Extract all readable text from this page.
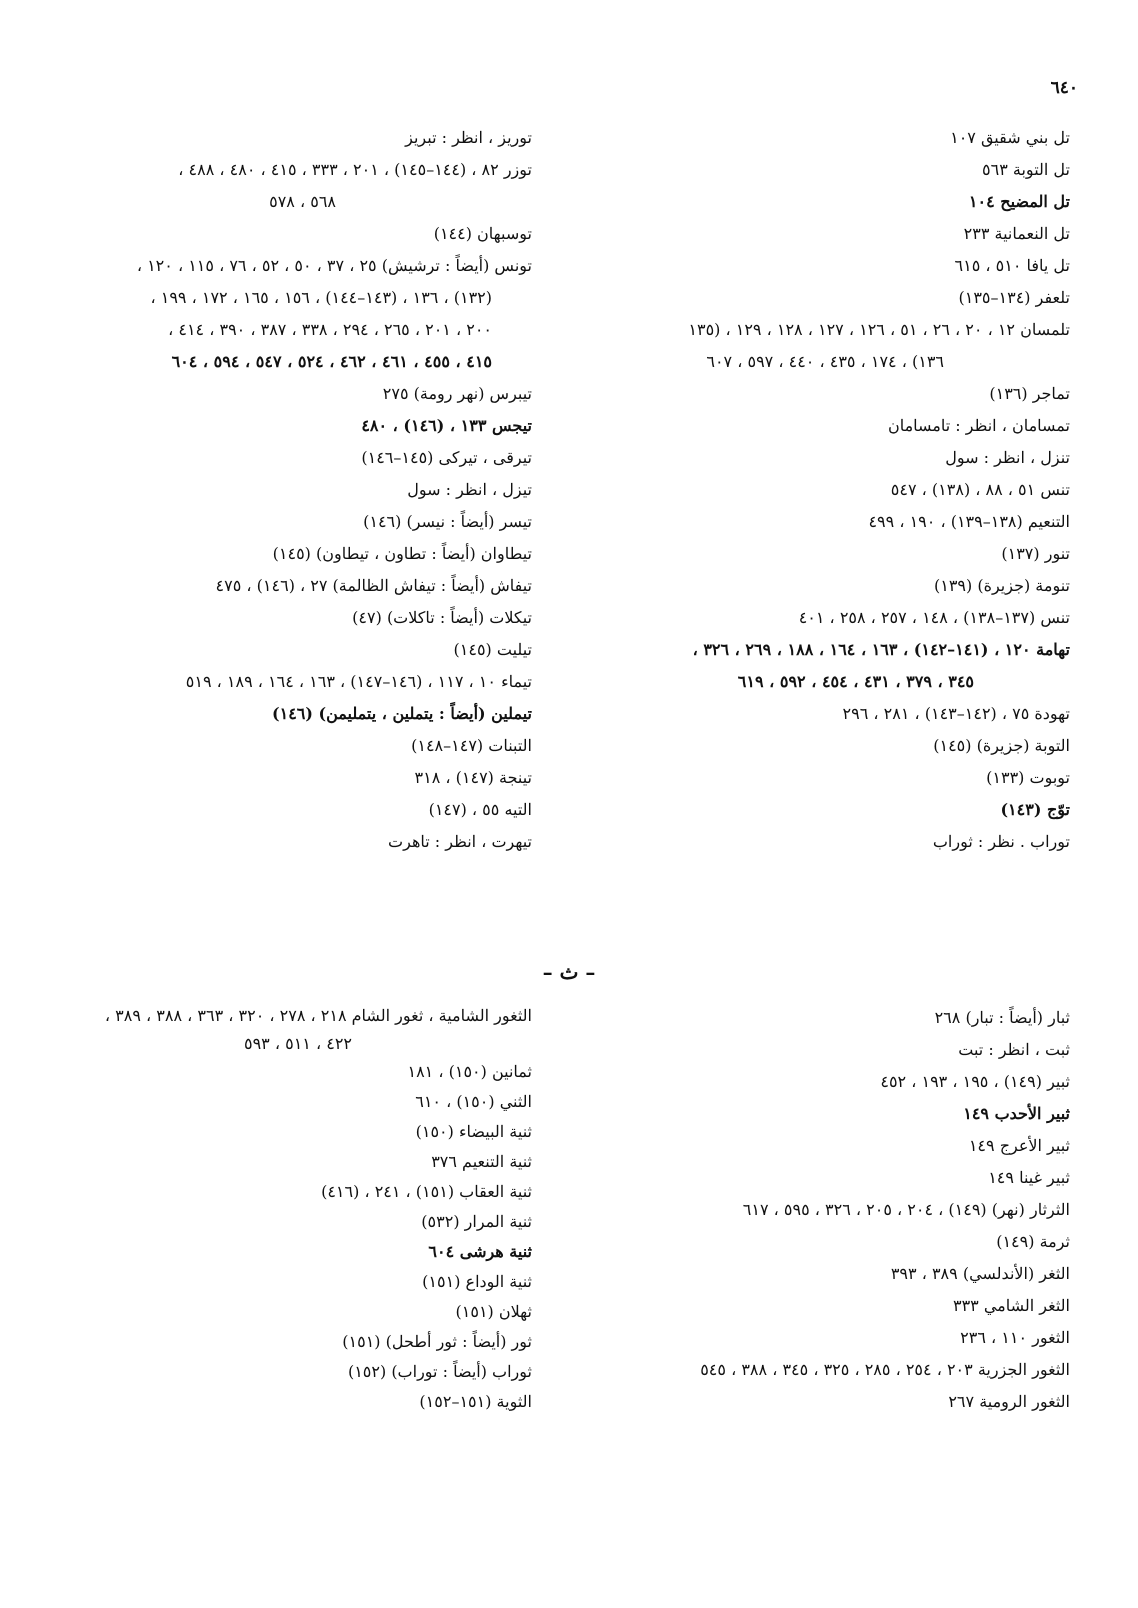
٦٤٠
تل بني شقيق ١٠٧
تل التوبة ٥٦٣
تل المضيح ١٠٤
تل النعمانية ٢٣٣
تل يافا ٥١٠ ، ٦١٥
تلعفر (١٣٤–١٣٥)
تلمسان ١٢ ، ٢٠ ، ٢٦ ، ٥١ ، ١٢٦ ، ١٢٧ ، ١٢٨ ، ١٢٩ ، (١٣٥
١٣٦) ، ١٧٤ ، ٤٣٥ ، ٤٤٠ ، ٥٩٧ ، ٦٠٧
تماجر (١٣٦)
تمسامان ، انظر : تامسامان
تنزل ، انظر : سول
تنس ٥١ ، ٨٨ ، (١٣٨) ، ٥٤٧
التنعيم (١٣٨–١٣٩) ، ١٩٠ ، ٤٩٩
تنور (١٣٧)
تنومة (جزيرة) (١٣٩)
تنس (١٣٧–١٣٨) ، ١٤٨ ، ٢٥٧ ، ٢٥٨ ، ٤٠١
تهامة ١٢٠ ، (١٤١–١٤٢) ، ١٦٣ ، ١٦٤ ، ١٨٨ ، ٢٦٩ ، ٣٢٦ ،
٣٤٥ ، ٣٧٩ ، ٤٣١ ، ٤٥٤ ، ٥٩٢ ، ٦١٩
تهودة ٧٥ ، (١٤٢–١٤٣) ، ٢٨١ ، ٢٩٦
التوبة (جزيرة) (١٤٥)
توبوت (١٣٣)
توّج (١٤٣)
توراب . نظر : ثوراب
توريز ، انظر : تبريز
توزر ٨٢ ، (١٤٤–١٤٥) ، ٢٠١ ، ٣٣٣ ، ٤١٥ ، ٤٨٠ ، ٤٨٨ ،
٥٦٨ ، ٥٧٨
توسبهان (١٤٤)
تونس (أيضاً : ترشيش) ٢٥ ، ٣٧ ، ٥٠ ، ٥٢ ، ٧٦ ، ١١٥ ، ١٢٠ ،
(١٣٢) ، ١٣٦ ، (١٤٣–١٤٤) ، ١٥٦ ، ١٦٥ ، ١٧٢ ، ١٩٩ ،
٢٠٠ ، ٢٠١ ، ٢٦٥ ، ٢٩٤ ، ٣٣٨ ، ٣٨٧ ، ٣٩٠ ، ٤١٤ ،
٤١٥ ، ٤٥٥ ، ٤٦١ ، ٤٦٢ ، ٥٢٤ ، ٥٤٧ ، ٥٩٤ ، ٦٠٤
تيبرس (نهر رومة) ٢٧٥
تيجس ١٣٣ ، (١٤٦) ، ٤٨٠
تيرقى ، تيركى (١٤٥–١٤٦)
تيزل ، انظر : سول
تيسر (أيضاً : نيسر) (١٤٦)
تيطاوان (أيضاً : تطاون ، تيطاون) (١٤٥)
تيفاش (أيضاً : تيفاش الظالمة) ٢٧ ، (١٤٦) ، ٤٧٥
تيكلات (أيضاً : تاكلات) (٤٧)
تيليت (١٤٥)
تيماء ١٠ ، ١١٧ ، (١٤٦–١٤٧) ، ١٦٣ ، ١٦٤ ، ١٨٩ ، ٥١٩
تيملين (أيضاً : يتملين ، يتمليمن) (١٤٦)
التبنات (١٤٧–١٤٨)
تينجة (١٤٧) ، ٣١٨
التيه ٥٥ ، (١٤٧)
تيهرت ، انظر : تاهرت
– ث –
ثبار (أيضاً : تبار) ٢٦٨
ثبت ، انظر : تبت
ثبير (١٤٩) ، ١٩٥ ، ١٩٣ ، ٤٥٢
ثبير الأحدب ١٤٩
ثبير الأعرج ١٤٩
ثبير غينا ١٤٩
الثرثار (نهر) (١٤٩) ، ٢٠٤ ، ٢٠٥ ، ٣٢٦ ، ٥٩٥ ، ٦١٧
ثرمة (١٤٩)
الثغر (الأندلسي) ٣٨٩ ، ٣٩٣
الثغر الشامي ٣٣٣
الثغور ١١٠ ، ٢٣٦
الثغور الجزرية ٢٠٣ ، ٢٥٤ ، ٢٨٥ ، ٣٢٥ ، ٣٤٥ ، ٣٨٨ ، ٥٤٥
الثغور الرومية ٢٦٧
الثغور الشامية ، ثغور الشام ٢١٨ ، ٢٧٨ ، ٣٢٠ ، ٣٦٣ ، ٣٨٨ ، ٣٨٩ ،
٤٢٢ ، ٥١١ ، ٥٩٣
ثمانين (١٥٠) ، ١٨١
الثني (١٥٠) ، ٦١٠
ثنية البيضاء (١٥٠)
ثنية التنعيم ٣٧٦
ثنية العقاب (١٥١) ، ٢٤١ ، (٤١٦)
ثنية المرار (٥٣٢)
ثنية هرشى ٦٠٤
ثنية الوداع (١٥١)
ثهلان (١٥١)
ثور (أيضاً : ثور أطحل) (١٥١)
ثوراب (أيضاً : توراب) (١٥٢)
الثوية (١٥١–١٥٢)
